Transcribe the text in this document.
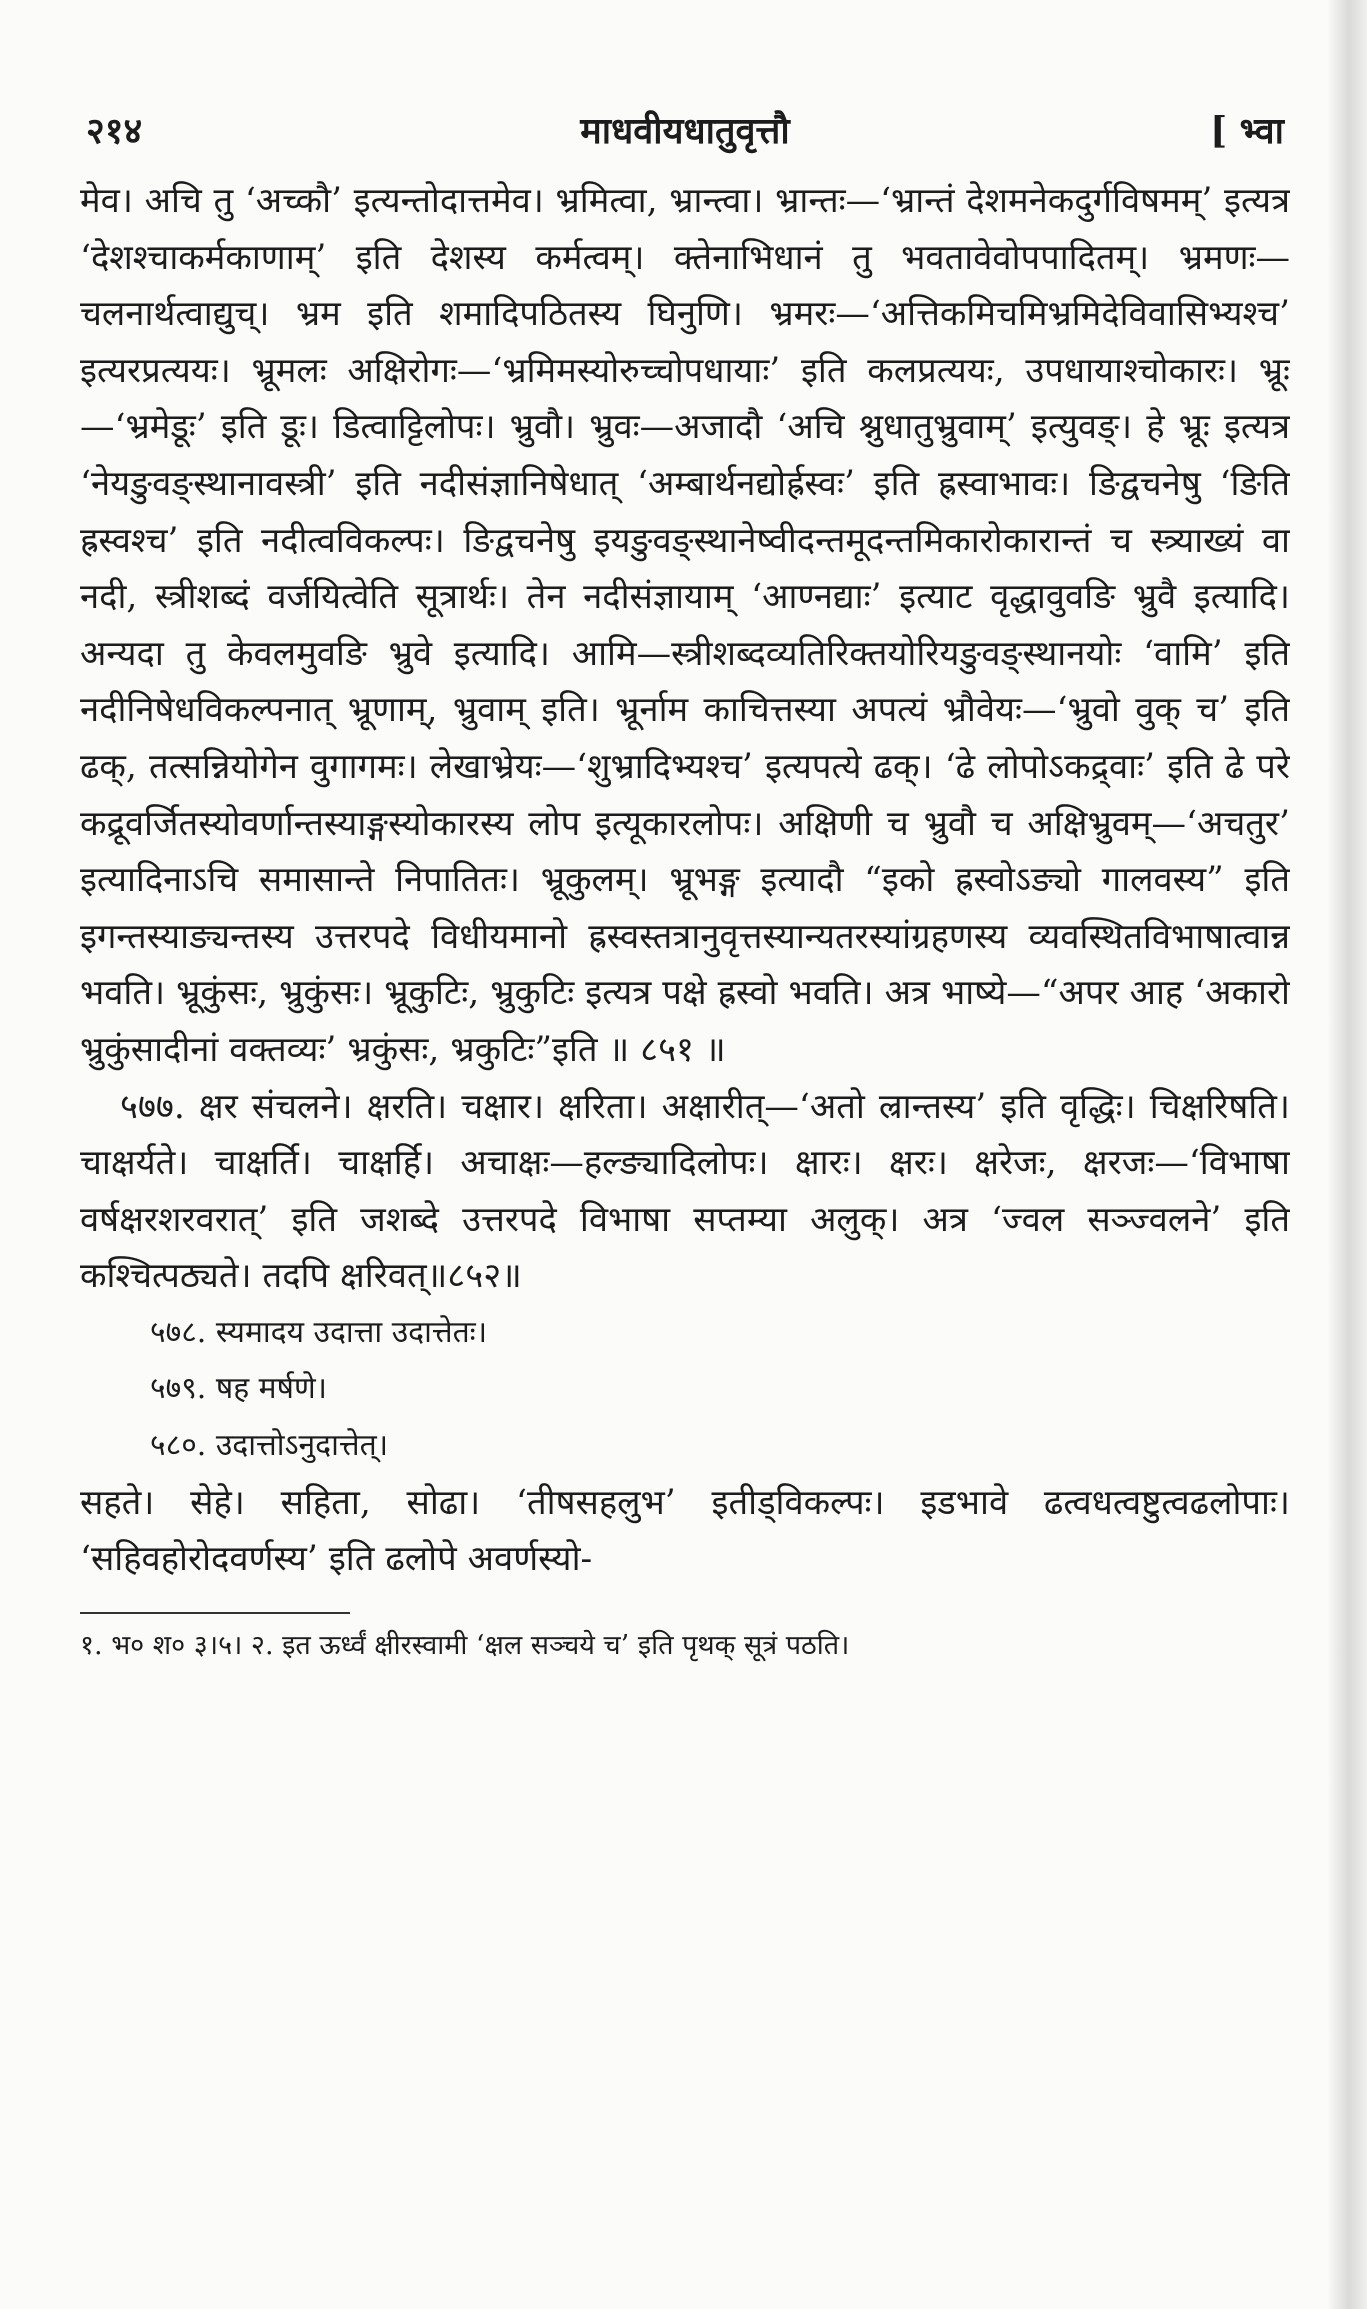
२१४	माधवीयधातुवृत्तौ	[ भ्वा

मेव। अचि तु ‘अच्कौ’ इत्यन्तोदात्तमेव। भ्रमित्वा, भ्रान्त्वा। भ्रान्तः—‘भ्रान्तं देशमनेकदुर्गविषमम्’ इत्यत्र ‘देशश्चाकर्मकाणाम्’ इति देशस्य कर्मत्वम्। क्तेनाभिधानं तु भवतावेवोपपादितम्। भ्रमणः—चलनार्थत्वाद्युच्। भ्रम इति शमादिपठितस्य घिनुणि। भ्रमरः—‘अत्तिकमिचमिभ्रमिदेविवासिभ्यश्च’ इत्यरप्रत्ययः। भ्रूमलः अक्षिरोगः—‘भ्रमिमस्योरुच्चोपधायाः’ इति कलप्रत्ययः, उपधायाश्चोकारः। भ्रूः—‘भ्रमेडूः’ इति डूः। डित्वाट्टिलोपः। भ्रुवौ। भ्रुवः—अजादौ ‘अचि श्नुधातुभ्रुवाम्’ इत्युवङ्। हे भ्रूः इत्यत्र ‘नेयङुवङ्स्थानावस्त्री’ इति नदीसंज्ञानिषेधात् ‘अम्बार्थनद्योर्ह्रस्वः’ इति ह्रस्वाभावः। ङिद्वचनेषु ‘ङिति ह्रस्वश्च’ इति नदीत्वविकल्पः। ङिद्वचनेषु इयङुवङ्स्थानेष्वीदन्तमूदन्तमिकारोकारान्तं च स्त्र्याख्यं वा नदी, स्त्रीशब्दं वर्जयित्वेति सूत्रार्थः। तेन नदीसंज्ञायाम् ‘आण्नद्याः’ इत्याट वृद्धावुवङि भ्रुवै इत्यादि। अन्यदा तु केवलमुवङि भ्रुवे इत्यादि। आमि—स्त्रीशब्दव्यतिरिक्तयोरियङुवङ्स्थानयोः ‘वामि’ इति नदीनिषेधविकल्पनात् भ्रूणाम्, भ्रुवाम् इति। भ्रूर्नाम काचित्तस्या अपत्यं भ्रौवेयः—‘भ्रुवो वुक् च’ इति ढक्, तत्सन्नियोगेन वुगागमः। लेखाभ्रेयः—‘शुभ्रादिभ्यश्च’ इत्यपत्ये ढक्। ‘ढे लोपोऽकद्र्वाः’ इति ढे परे कद्रूवर्जितस्योवर्णान्तस्याङ्गस्योकारस्य लोप इत्यूकारलोपः। अक्षिणी च भ्रुवौ च अक्षिभ्रुवम्—‘अचतुर’ इत्यादिनाऽचि समासान्ते निपातितः। भ्रूकुलम्। भ्रूभङ्ग इत्यादौ “इको ह्रस्वोऽङ्यो गालवस्य” इति इगन्तस्याङ्यन्तस्य उत्तरपदे विधीयमानो ह्रस्वस्तत्रानुवृत्तस्यान्यतरस्यांग्रहणस्य व्यवस्थितविभाषात्वान्न भवति। भ्रूकुंसः, भ्रुकुंसः। भ्रूकुटिः, भ्रुकुटिः इत्यत्र पक्षे ह्रस्वो भवति। अत्र भाष्ये—“अपर आह ‘अकारो भ्रुकुंसादीनां वक्तव्यः’ भ्रकुंसः, भ्रकुटिः”इति ॥ ८५१ ॥

५७७. क्षर संचलने। क्षरति। चक्षार। क्षरिता। अक्षारीत्—‘अतो ल्रान्तस्य’ इति वृद्धिः। चिक्षरिषति। चाक्षर्यते। चाक्षर्ति। चाक्षर्हि। अचाक्षः—हल्ङ्यादिलोपः। क्षारः। क्षरः। क्षरेजः, क्षरजः—‘विभाषा वर्षक्षरशरवरात्’ इति जशब्दे उत्तरपदे विभाषा सप्तम्या अलुक्। अत्र ‘ज्वल सञ्ज्वलने’ इति कश्चित्पठ्यते। तदपि क्षरिवत्॥८५२॥

५७८. स्यमादय उदात्ता उदात्तेतः।

५७९. षह मर्षणे।

५८०. उदात्तोऽनुदात्तेत्।

सहते। सेहे। सहिता, सोढा। ‘तीषसहलुभ’ इतीड्विकल्पः। इडभावे ढत्वधत्वष्टुत्वढलोपाः। ‘सहिवहोरोदवर्णस्य’ इति ढलोपे अवर्णस्यो-

१. भ० श० ३।५। २. इत ऊर्ध्वं क्षीरस्वामी ‘क्षल सञ्चये च’ इति पृथक् सूत्रं पठति।
